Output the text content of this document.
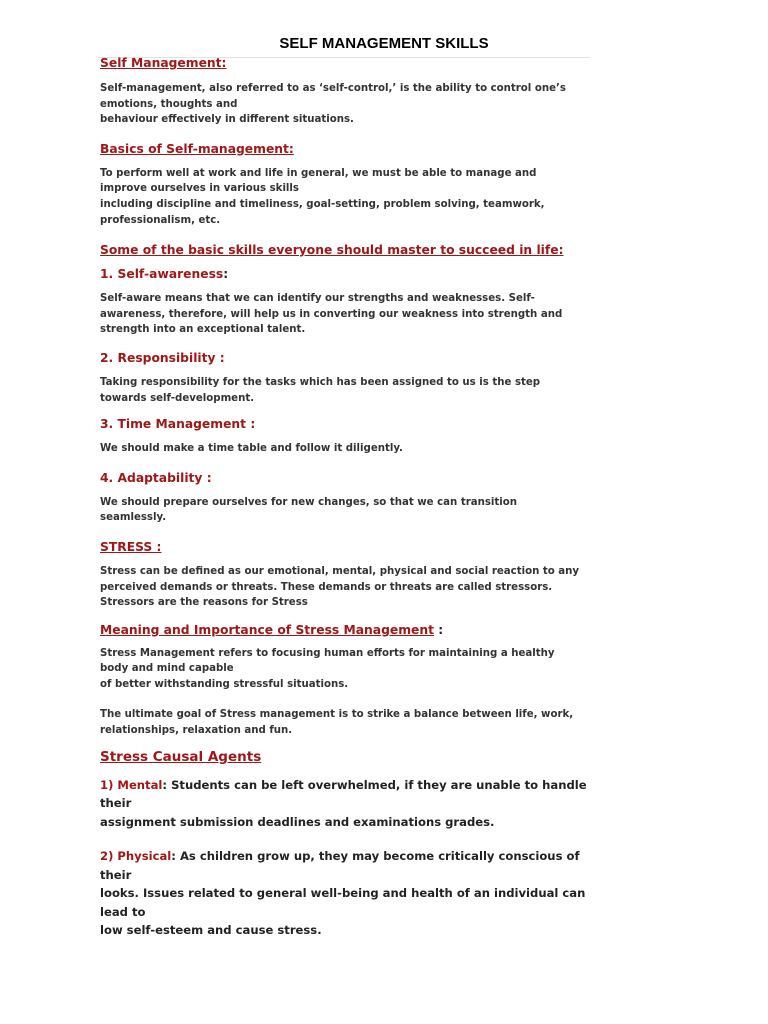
SELF MANAGEMENT SKILLS
Self Management:

Self-management, also referred to as ‘self-control,’ is the ability to control one’s

emotions, thoughts and

behaviour effectively in different situations.

Basics of Self-management:

To perform well at work and life in general, we must be able to manage and

improve ourselves in various skills

including discipline and timeliness, goal-setting, problem solving, teamwork,

professionalism, etc.

Some of the basic skills everyone should master to succeed in life:
1. Self-awareness:

Self-aware means that we can identify our strengths and weaknesses. Self-

awareness, therefore, will help us in converting our weakness into strength and

strength into an exceptional talent.

2. Responsibility :

Taking responsibility for the tasks which has been assigned to us is the step

towards self-development.

3. Time Management :

We should make a time table and follow it diligently.

4. Adaptability :

We should prepare ourselves for new changes, so that we can transition

seamlessly.

STRESS :

Stress can be defined as our emotional, mental, physical and social reaction to any

perceived demands or threats. These demands or threats are called stressors.

Stressors are the reasons for Stress

Meaning and Importance of Stress Management :

Stress Management refers to focusing human efforts for maintaining a healthy

body and mind capable

of better withstanding stressful situations.

The ultimate goal of Stress management is to strike a balance between life, work,

relationships, relaxation and fun.

Stress Causal Agents

1) Mental: Students can be left overwhelmed, if they are unable to handle their

assignment submission deadlines and examinations grades.

2) Physical: As children grow up, they may become critically conscious of their

looks. Issues related to general well-being and health of an individual can lead to

low self-esteem and cause stress.
